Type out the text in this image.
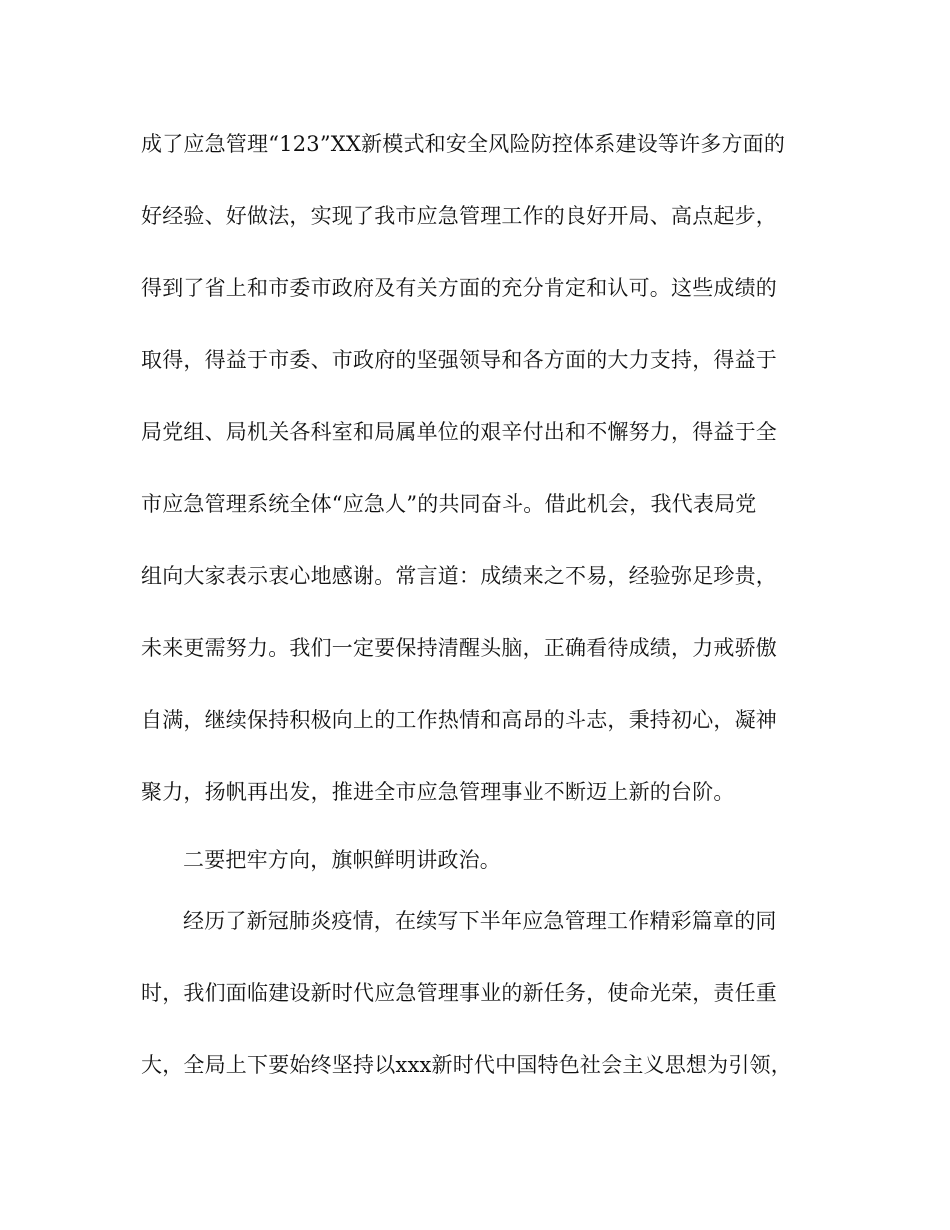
成了应急管理“123”XX新模式和安全风险防控体系建设等许多方面的
好经验、好做法，实现了我市应急管理工作的良好开局、高点起步，
得到了省上和市委市政府及有关方面的充分肯定和认可。这些成绩的
取得，得益于市委、市政府的坚强领导和各方面的大力支持，得益于
局党组、局机关各科室和局属单位的艰辛付出和不懈努力，得益于全
市应急管理系统全体“应急人”的共同奋斗。借此机会，我代表局党
组向大家表示衷心地感谢。常言道：成绩来之不易，经验弥足珍贵，
未来更需努力。我们一定要保持清醒头脑，正确看待成绩，力戒骄傲
自满，继续保持积极向上的工作热情和高昂的斗志，秉持初心，凝神
聚力，扬帆再出发，推进全市应急管理事业不断迈上新的台阶。
二要把牢方向，旗帜鲜明讲政治。
经历了新冠肺炎疫情，在续写下半年应急管理工作精彩篇章的同
时，我们面临建设新时代应急管理事业的新任务，使命光荣，责任重
大，全局上下要始终坚持以xxx新时代中国特色社会主义思想为引领，
